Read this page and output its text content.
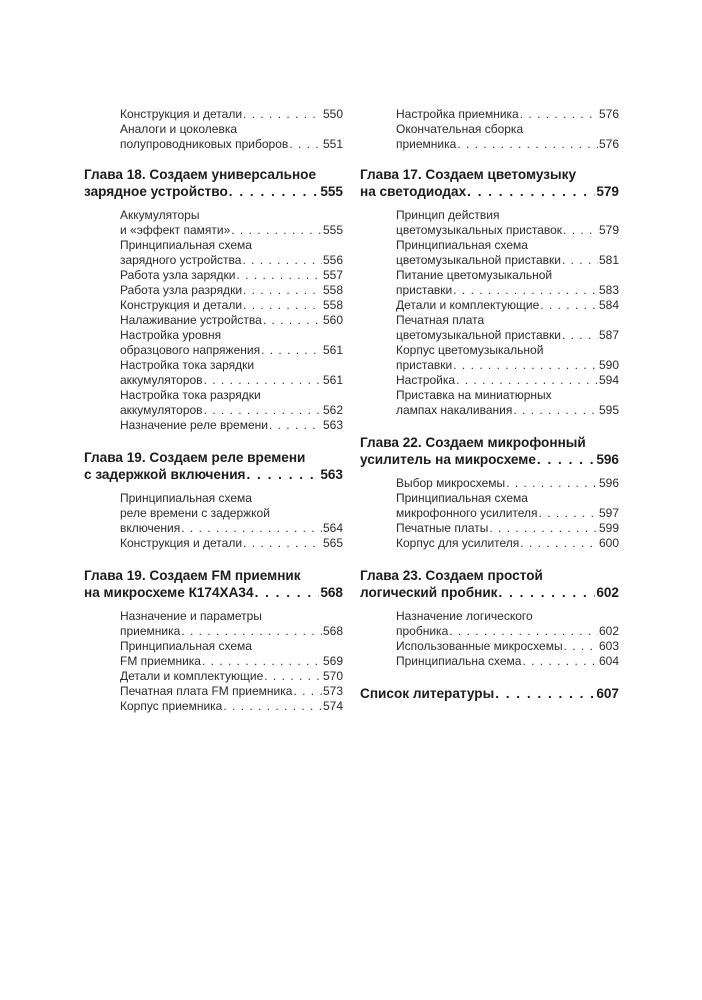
Конструкция и детали . . .	550
Аналоги и цоколевка
полупроводниковых приборов . . .	551
Глава 18. Создаем универсальное
зарядное устройство . . .	555
Аккумуляторы
и «эффект памяти» . . .	555
Принципиальная схема
зарядного устройства . . .	556
Работа узла зарядки . . .	557
Работа узла разрядки . . .	558
Конструкция и детали . . .	558
Налаживание устройства . . .	560
Настройка уровня
образцового напряжения . . .	561
Настройка тока зарядки
аккумуляторов . . .	561
Настройка тока разрядки
аккумуляторов . . .	562
Назначение реле времени . . .	563
Глава 19. Создаем реле времени
с задержкой включения . . .	563
Принципиальная схема
реле времени с задержкой
включения . . .	564
Конструкция и детали . . .	565
Глава 19. Создаем FM приемник
на микросхеме К174ХА34 . . .	568
Назначение и параметры
приемника . . .	568
Принципиальная схема
FM приемника . . .	569
Детали и комплектующие . . .	570
Печатная плата FM приемника . . .	573
Корпус приемника . . .	574
Настройка приемника . . .	576
Окончательная сборка
приемника . . .	576
Глава 17. Создаем цветомузыку
на светодиодах . . .	579
Принцип действия
цветомузыкальных приставок . . .	579
Принципиальная схема
цветомузыкальной приставки . . .	581
Питание цветомузыкальной
приставки . . .	583
Детали и комплектующие . . .	584
Печатная плата
цветомузыкальной приставки . . .	587
Корпус цветомузыкальной
приставки . . .	590
Настройка . . .	594
Приставка на миниатюрных
лампах накаливания . . .	595
Глава 22. Создаем микрофонный
усилитель на микросхеме . . .	596
Выбор микросхемы . . .	596
Принципиальная схема
микрофонного усилителя . . .	597
Печатные платы . . .	599
Корпус для усилителя . . .	600
Глава 23. Создаем простой
логический пробник . . .	602
Назначение логического
пробника . . .	602
Использованные микросхемы . . .	603
Принципиальна схема . . .	604
Список литературы . . .	607
